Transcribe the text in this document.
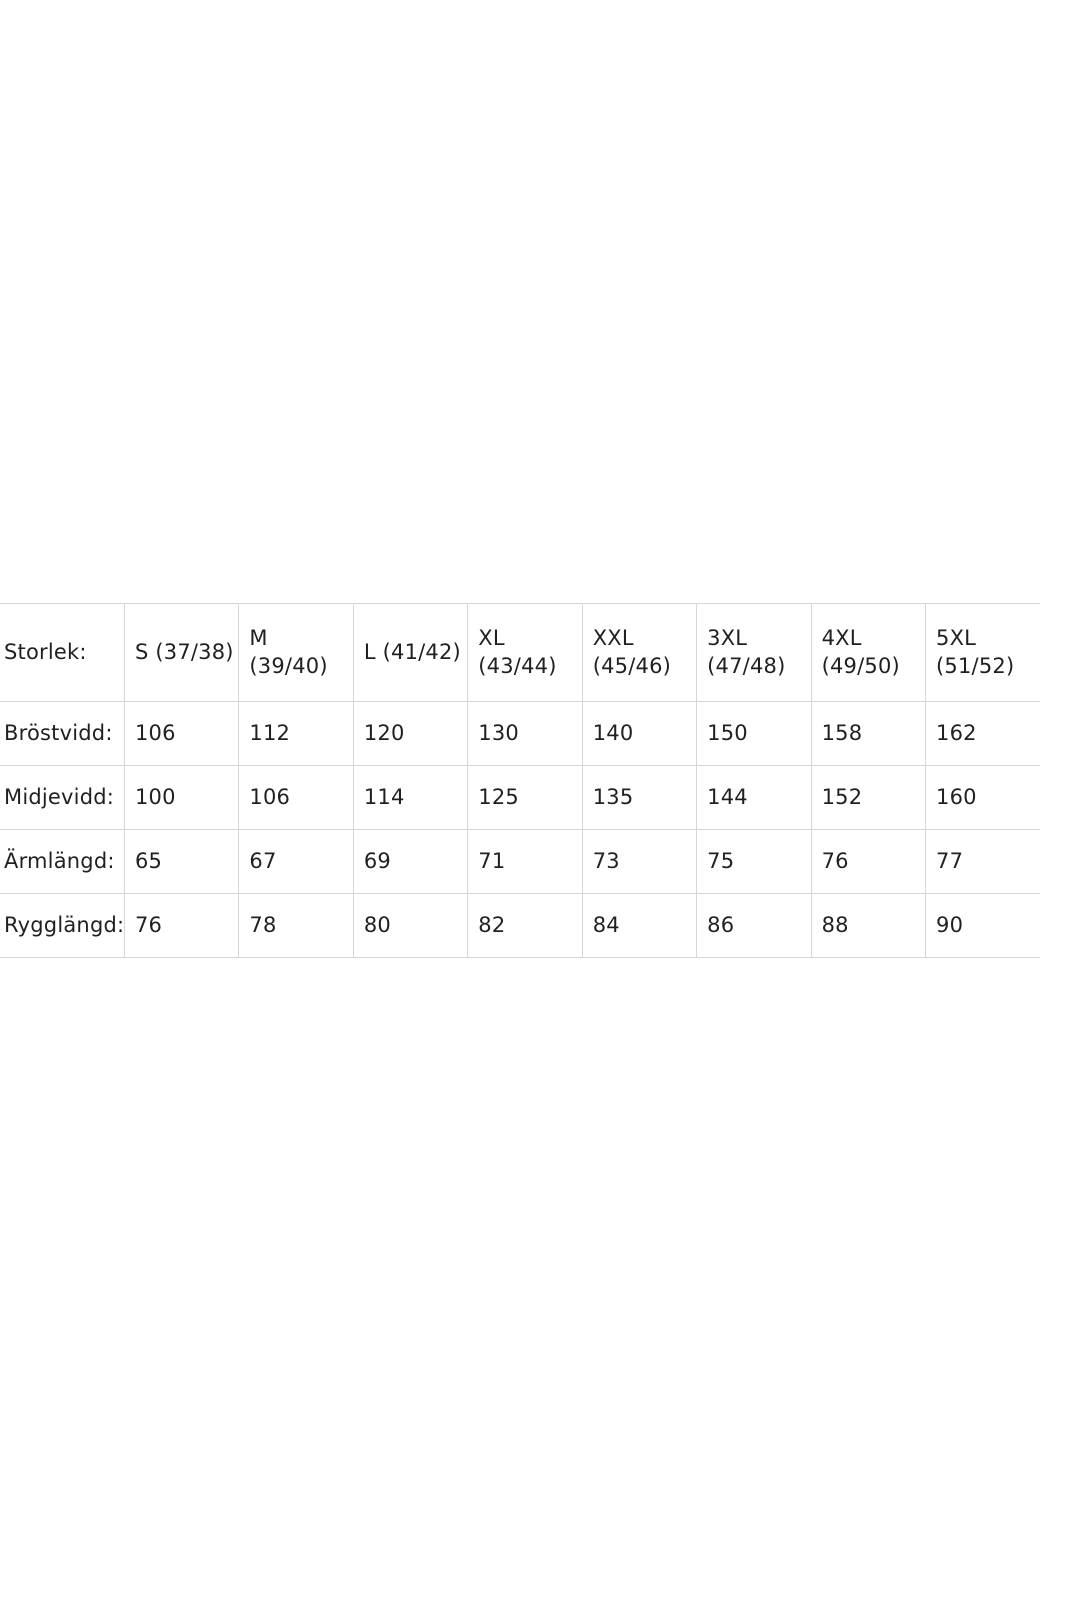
Storlek:	S (37/38)	M (39/40)	L (41/42)	XL (43/44)	XXL (45/46)	3XL (47/48)	4XL (49/50)	5XL (51/52)
Bröstvidd:	106	112	120	130	140	150	158	162
Midjevidd:	100	106	114	125	135	144	152	160
Ärmlängd:	65	67	69	71	73	75	76	77
Rygglängd:	76	78	80	82	84	86	88	90
